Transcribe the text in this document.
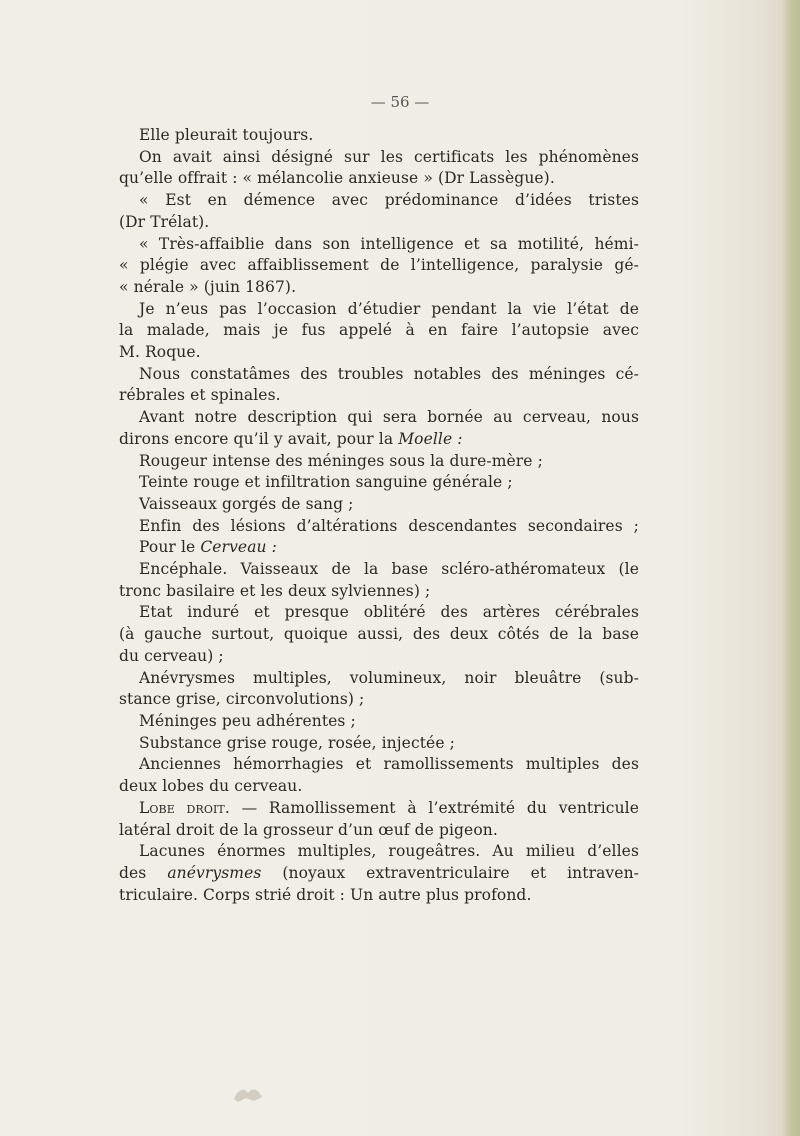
— 56 —

Elle pleurait toujours.

On avait ainsi désigné sur les certificats les phénomènes

qu’elle offrait : « mélancolie anxieuse » (Dr Lassègue).

« Est en démence avec prédominance d’idées tristes

(Dr Trélat).

« Très-affaiblie dans son intelligence et sa motilité, hémi-

« plégie avec affaiblissement de l’intelligence, paralysie gé-

« nérale » (juin 1867).

Je n’eus pas l’occasion d’étudier pendant la vie l’état de

la malade, mais je fus appelé à en faire l’autopsie avec

M. Roque.

Nous constatâmes des troubles notables des méninges cé-

rébrales et spinales.

Avant notre description qui sera bornée au cerveau, nous

dirons encore qu’il y avait, pour la Moelle :

Rougeur intense des méninges sous la dure-mère ;

Teinte rouge et infiltration sanguine générale ;

Vaisseaux gorgés de sang ;

Enfin des lésions d’altérations descendantes secondaires ;

Pour le Cerveau :

Encéphale. Vaisseaux de la base scléro-athéromateux (le

tronc basilaire et les deux sylviennes) ;

Etat induré et presque oblitéré des artères cérébrales

(à gauche surtout, quoique aussi, des deux côtés de la base

du cerveau) ;

Anévrysmes multiples, volumineux, noir bleuâtre (sub-

stance grise, circonvolutions) ;

Méninges peu adhérentes ;

Substance grise rouge, rosée, injectée ;

Anciennes hémorrhagies et ramollissements multiples des

deux lobes du cerveau.

Lobe droit. — Ramollissement à l’extrémité du ventricule

latéral droit de la grosseur d’un œuf de pigeon.

Lacunes énormes multiples, rougeâtres. Au milieu d’elles

des anévrysmes (noyaux extraventriculaire et intraven-

triculaire. Corps strié droit : Un autre plus profond.
